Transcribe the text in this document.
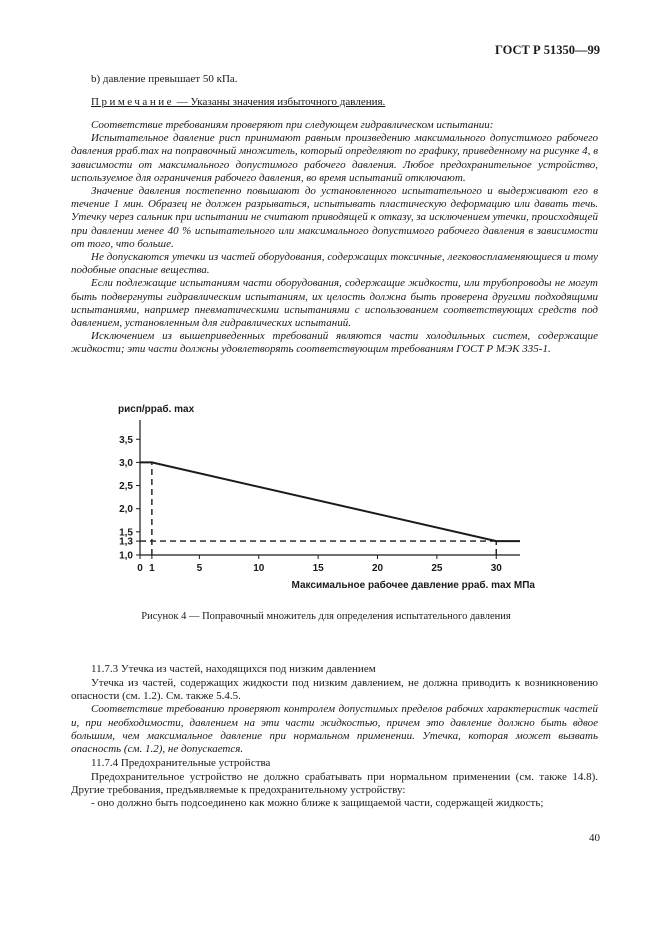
ГОСТ Р 51350—99
b) давление превышает 50 кПа.
Примечание — Указаны значения избыточного давления.
Соответствие требованиям проверяют при следующем гидравлическом испытании:
Испытательное давление pисп принимают равным произведению максимального допустимого рабочего давления pраб.max на поправочный множитель, который определяют по графику, приведенному на рисунке 4, в зависимости от максимального допустимого рабочего давления. Любое предохранительное устройство, используемое для ограничения рабочего давления, во время испытаний отключают.
Значение давления постепенно повышают до установленного испытательного и выдерживают его в течение 1 мин. Образец не должен разрываться, испытывать пластическую деформацию или давать течь. Утечку через сальник при испытании не считают приводящей к отказу, за исключением утечки, происходящей при давлении менее 40 % испытательного или максимального допустимого рабочего давления в зависимости от того, что больше.
Не допускаются утечки из частей оборудования, содержащих токсичные, легковоспламеняющиеся и тому подобные опасные вещества.
Если подлежащие испытаниям части оборудования, содержащие жидкости, или трубопроводы не могут быть подвергнуты гидравлическим испытаниям, их целость должна быть проверена другими подходящими испытаниями, например пневматическими испытаниями с использованием соответствующих средств под давлением, установленным для гидравлических испытаний.
Исключением из вышеприведенных требований являются части холодильных систем, содержащие жидкости; эти части должны удовлетворять соответствующим требованиям ГОСТ Р МЭК 335-1.
1,0
1,3
1,5
2,0
2,5
3,0
3,5
0 1	5	10	15	20	25	30
pисп/pраб. max
Максимальное рабочее давление pраб. max МПа
Рисунок 4 — Поправочный множитель для определения испытательного давления
11.7.3 Утечка из частей, находящихся под низким давлением
Утечка из частей, содержащих жидкости под низким давлением, не должна приводить к возникновению опасности (см. 1.2). См. также 5.4.5.
Соответствие требованию проверяют контролем допустимых пределов рабочих характеристик частей и, при необходимости, давлением на эти части жидкостью, причем это давление должно быть вдвое большим, чем максимальное давление при нормальном применении. Утечка, которая может вызвать опасность (см. 1.2), не допускается.
11.7.4 Предохранительные устройства
Предохранительное устройство не должно срабатывать при нормальном применении (см. также 14.8). Другие требования, предъявляемые к предохранительному устройству:
- оно должно быть подсоединено как можно ближе к защищаемой части, содержащей жидкость;
40
